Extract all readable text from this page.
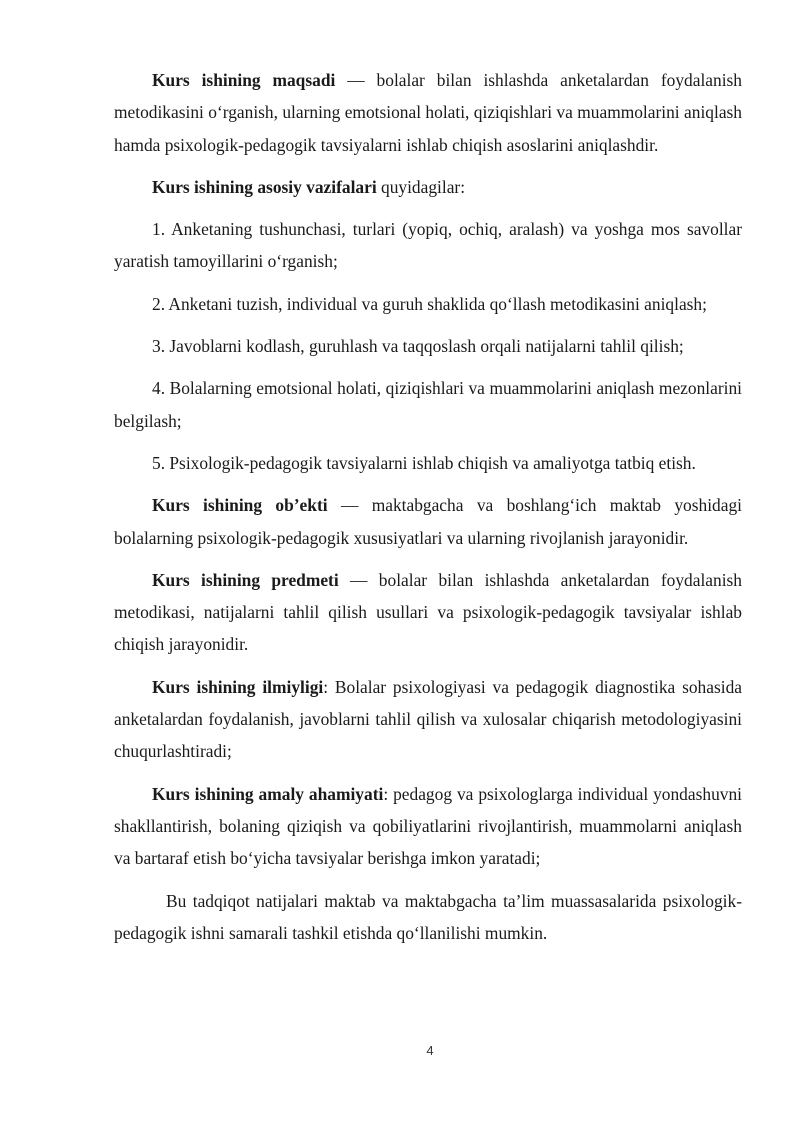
Kurs ishining maqsadi — bolalar bilan ishlashda anketalardan foydalanish metodikasini o‘rganish, ularning emotsional holati, qiziqishlari va muammolarini aniqlash hamda psixologik-pedagogik tavsiyalarni ishlab chiqish asoslarini aniqlashdir.

Kurs ishining asosiy vazifalari quyidagilar:

1. Anketaning tushunchasi, turlari (yopiq, ochiq, aralash) va yoshga mos savollar yaratish tamoyillarini o‘rganish;

2. Anketani tuzish, individual va guruh shaklida qo‘llash metodikasini aniqlash;

3. Javoblarni kodlash, guruhlash va taqqoslash orqali natijalarni tahlil qilish;

4. Bolalarning emotsional holati, qiziqishlari va muammolarini aniqlash mezonlarini belgilash;

5. Psixologik-pedagogik tavsiyalarni ishlab chiqish va amaliyotga tatbiq etish.

Kurs ishining ob’ekti — maktabgacha va boshlang‘ich maktab yoshidagi bolalarning psixologik-pedagogik xususiyatlari va ularning rivojlanish jarayonidir.

Kurs ishining predmeti — bolalar bilan ishlashda anketalardan foydalanish metodikasi, natijalarni tahlil qilish usullari va psixologik-pedagogik tavsiyalar ishlab chiqish jarayonidir.

Kurs ishining ilmiyligi: Bolalar psixologiyasi va pedagogik diagnostika sohasida anketalardan foydalanish, javoblarni tahlil qilish va xulosalar chiqarish metodologiyasini chuqurlashtiradi;

Kurs ishining amaly ahamiyati: pedagog va psixologlarga individual yondashuvni shakllantirish, bolaning qiziqish va qobiliyatlarini rivojlantirish, muammolarni aniqlash va bartaraf etish bo‘yicha tavsiyalar berishga imkon yaratadi;

Bu tadqiqot natijalari maktab va maktabgacha ta’lim muassasalarida psixologik-pedagogik ishni samarali tashkil etishda qo‘llanilishi mumkin.

4
